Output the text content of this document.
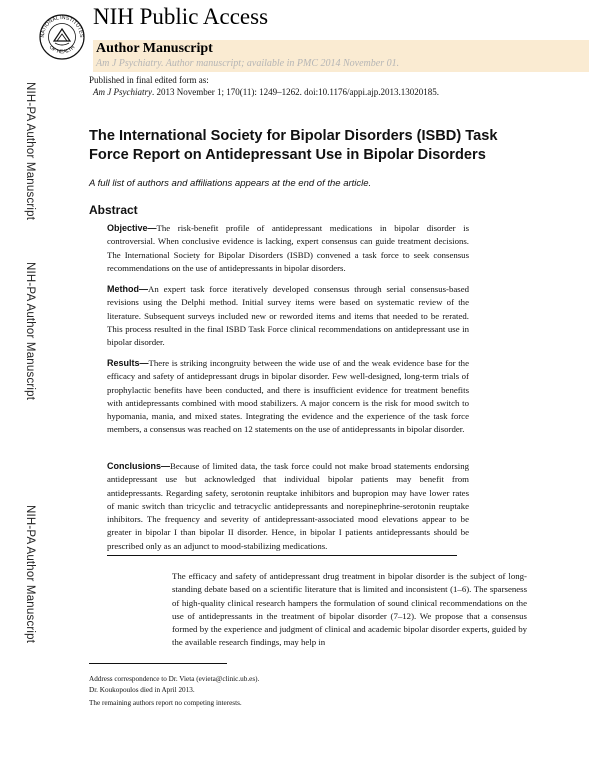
NATIONAL INSTITUTES
OF HEALTH
NIH Public Access
Author Manuscript
Am J Psychiatry. Author manuscript; available in PMC 2014 November 01.
Published in final edited form as:
Am J Psychiatry. 2013 November 1; 170(11): 1249–1262. doi:10.1176/appi.ajp.2013.13020185.
NIH-PA Author Manuscript
NIH-PA Author Manuscript
NIH-PA Author Manuscript
The International Society for Bipolar Disorders (ISBD) Task Force Report on Antidepressant Use in Bipolar Disorders
A full list of authors and affiliations appears at the end of the article.
Abstract
Objective—The risk-benefit profile of antidepressant medications in bipolar disorder is controversial. When conclusive evidence is lacking, expert consensus can guide treatment decisions. The International Society for Bipolar Disorders (ISBD) convened a task force to seek consensus recommendations on the use of antidepressants in bipolar disorders.
Method—An expert task force iteratively developed consensus through serial consensus-based revisions using the Delphi method. Initial survey items were based on systematic review of the literature. Subsequent surveys included new or reworded items and items that needed to be rerated. This process resulted in the final ISBD Task Force clinical recommendations on antidepressant use in bipolar disorder.
Results—There is striking incongruity between the wide use of and the weak evidence base for the efficacy and safety of antidepressant drugs in bipolar disorder. Few well-designed, long-term trials of prophylactic benefits have been conducted, and there is insufficient evidence for treatment benefits with antidepressants combined with mood stabilizers. A major concern is the risk for mood switch to hypomania, mania, and mixed states. Integrating the evidence and the experience of the task force members, a consensus was reached on 12 statements on the use of antidepressants in bipolar disorder.
Conclusions—Because of limited data, the task force could not make broad statements endorsing antidepressant use but acknowledged that individual bipolar patients may benefit from antidepressants. Regarding safety, serotonin reuptake inhibitors and bupropion may have lower rates of manic switch than tricyclic and tetracyclic antidepressants and norepinephrine-serotonin reuptake inhibitors. The frequency and severity of antidepressant-associated mood elevations appear to be greater in bipolar I than bipolar II disorder. Hence, in bipolar I patients antidepressants should be prescribed only as an adjunct to mood-stabilizing medications.
The efficacy and safety of antidepressant drug treatment in bipolar disorder is the subject of long-standing debate based on a scientific literature that is limited and inconsistent (1–6). The sparseness of high-quality clinical research hampers the formulation of sound clinical recommendations on the use of antidepressants in the treatment of bipolar disorder (7–12). We propose that a consensus formed by the experience and judgment of clinical and academic bipolar disorder experts, guided by the available research findings, may help in
Address correspondence to Dr. Vieta (evieta@clinic.ub.es).
Dr. Koukopoulos died in April 2013.
The remaining authors report no competing interests.
